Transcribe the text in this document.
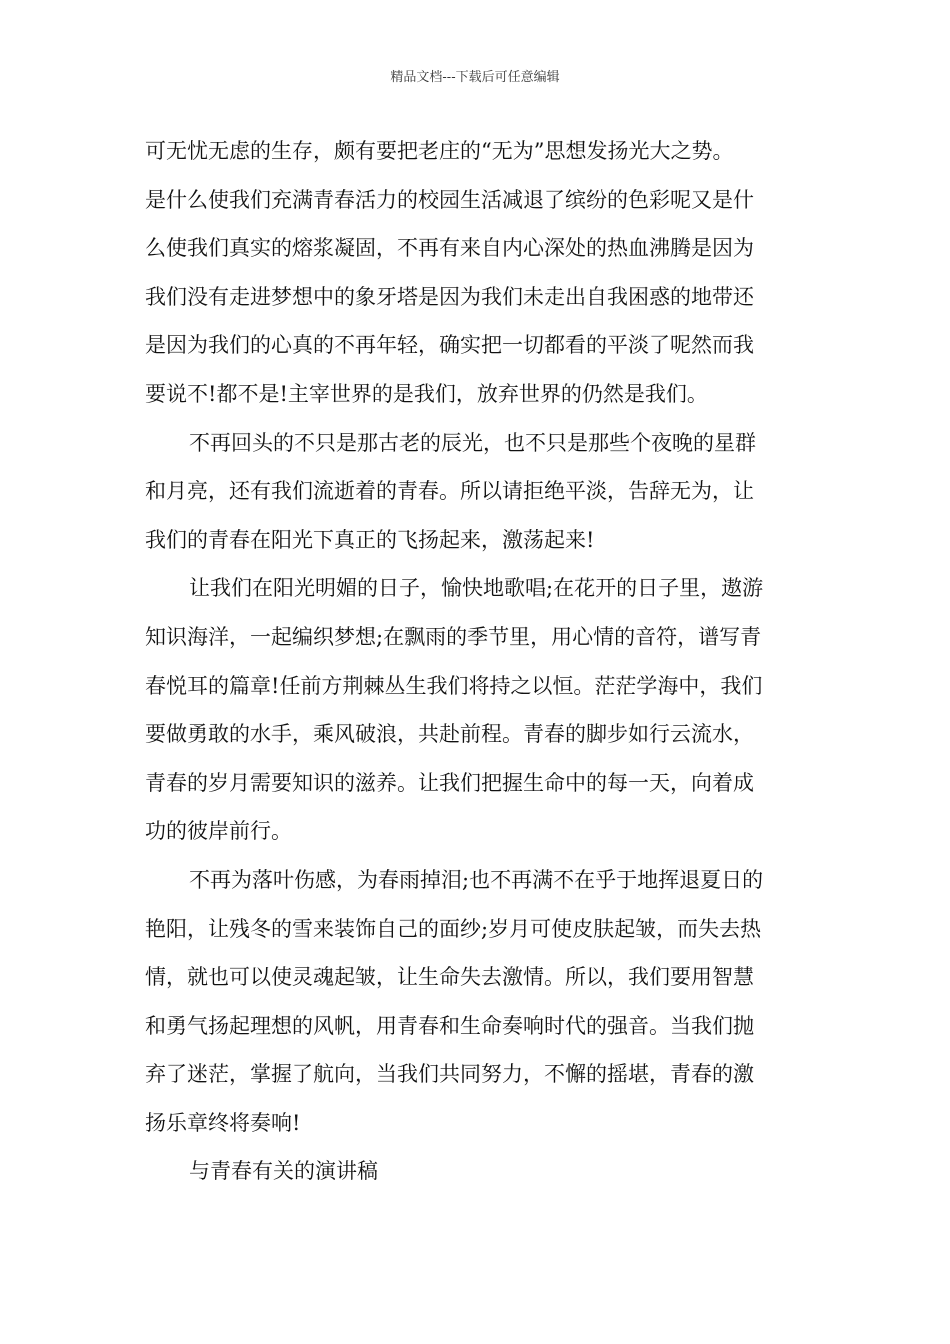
精品文档---下载后可任意编辑
可无忧无虑的生存，颇有要把老庄的“无为”思想发扬光大之势。
是什么使我们充满青春活力的校园生活减退了缤纷的色彩呢又是什
么使我们真实的熔浆凝固，不再有来自内心深处的热血沸腾是因为
我们没有走进梦想中的象牙塔是因为我们未走出自我困惑的地带还
是因为我们的心真的不再年轻，确实把一切都看的平淡了呢然而我
要说不!都不是!主宰世界的是我们，放弃世界的仍然是我们。
不再回头的不只是那古老的辰光，也不只是那些个夜晚的星群
和月亮，还有我们流逝着的青春。所以请拒绝平淡，告辞无为，让
我们的青春在阳光下真正的飞扬起来，激荡起来!
让我们在阳光明媚的日子，愉快地歌唱;在花开的日子里，遨游
知识海洋，一起编织梦想;在飘雨的季节里，用心情的音符，谱写青
春悦耳的篇章!任前方荆棘丛生我们将持之以恒。茫茫学海中，我们
要做勇敢的水手，乘风破浪，共赴前程。青春的脚步如行云流水，
青春的岁月需要知识的滋养。让我们把握生命中的每一天，向着成
功的彼岸前行。
不再为落叶伤感，为春雨掉泪;也不再满不在乎于地挥退夏日的
艳阳，让残冬的雪来装饰自己的面纱;岁月可使皮肤起皱，而失去热
情，就也可以使灵魂起皱，让生命失去激情。所以，我们要用智慧
和勇气扬起理想的风帆，用青春和生命奏响时代的强音。当我们抛
弃了迷茫，掌握了航向，当我们共同努力，不懈的摇堪，青春的激
扬乐章终将奏响!
与青春有关的演讲稿
